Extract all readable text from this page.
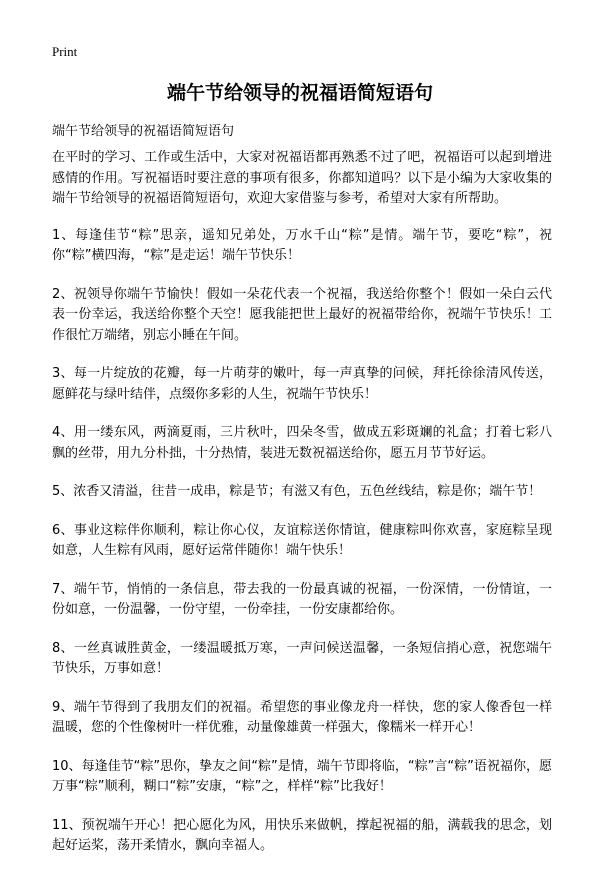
Print
端午节给领导的祝福语简短语句
端午节给领导的祝福语简短语句

在平时的学习、工作或生活中，大家对祝福语都再熟悉不过了吧，祝福语可以起到增进感情的作用。写祝福语时要注意的事项有很多，你都知道吗？以下是小编为大家收集的端午节给领导的祝福语简短语句，欢迎大家借鉴与参考，希望对大家有所帮助。

1、每逢佳节“粽”思亲，遥知兄弟处，万水千山“粽”是情。端午节，要吃“粽”，祝你“粽”横四海，“粽”是走运！端午节快乐！

2、祝领导你端午节愉快！假如一朵花代表一个祝福，我送给你整个！假如一朵白云代表一份幸运，我送给你整个天空！愿我能把世上最好的祝福带给你，祝端午节快乐！工作很忙万端绪，别忘小睡在午间。

3、每一片绽放的花瓣，每一片萌芽的嫩叶，每一声真挚的问候，拜托徐徐清风传送，愿鲜花与绿叶结伴，点缀你多彩的人生，祝端午节快乐！

4、用一缕东风，两滴夏雨，三片秋叶，四朵冬雪，做成五彩斑斓的礼盒；打着七彩八飘的丝带，用九分朴拙，十分热情，装进无数祝福送给你，愿五月节节好运。

5、浓香又清溢，往昔一成串，粽是节；有滋又有色，五色丝线结，粽是你；端午节！

6、事业这粽伴你顺利，粽让你心仪，友谊粽送你情谊，健康粽叫你欢喜，家庭粽呈现如意，人生粽有风雨，愿好运常伴随你！端午快乐！

7、端午节，悄悄的一条信息，带去我的一份最真诚的祝福，一份深情，一份情谊，一份如意，一份温馨，一份守望，一份牵挂，一份安康都给你。

8、一丝真诚胜黄金，一缕温暖抵万寒，一声问候送温馨，一条短信捎心意，祝您端午节快乐，万事如意！

9、端午节得到了我朋友们的祝福。希望您的事业像龙舟一样快，您的家人像香包一样温暖，您的个性像树叶一样优雅，动量像雄黄一样强大，像糯米一样开心！

10、每逢佳节“粽”思你，挚友之间“粽”是情，端午节即将临，“粽”言“粽”语祝福你，愿万事“粽”顺利，糊口“粽”安康，“粽”之，样样“粽”比我好！

11、预祝端午开心！把心愿化为风，用快乐来做帆，撑起祝福的船，满载我的思念，划起好运桨，荡开柔情水，飘向幸福人。
